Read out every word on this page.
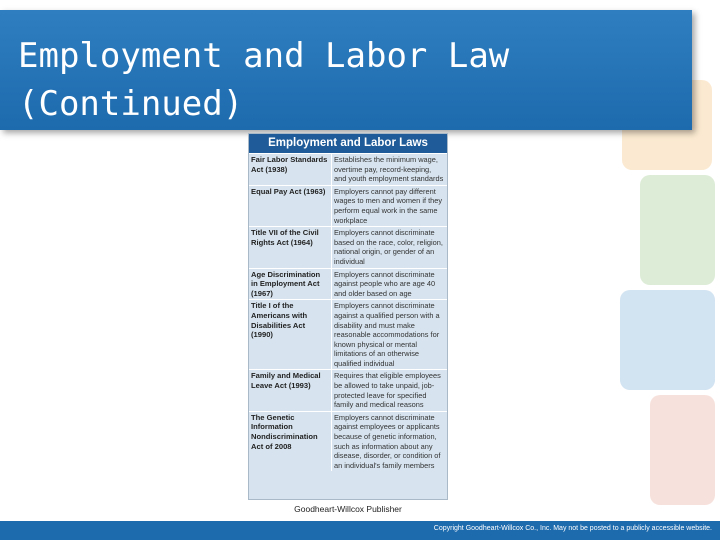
Employment and Labor Law
(Continued)
Employment and Labor Laws
Fair Labor Standards Act (1938)
Establishes the minimum wage, overtime pay, record-keeping, and youth employment standards
Equal Pay Act (1963)	Employers cannot pay different wages to men and women if they perform equal work in the same workplace
Title VII of the Civil Rights Act (1964)
Employers cannot discriminate based on the race, color, religion, national origin, or gender of an individual
Age Discrimination in Employment Act (1967)
Employers cannot discriminate against people who are age 40 and older based on age
Title I of the Americans with Disabilities Act (1990)
Employers cannot discriminate against a qualified person with a disability and must make reasonable accommodations for known physical or mental limitations of an otherwise qualified individual
Family and Medical Leave Act (1993)
Requires that eligible employees be allowed to take unpaid, job-protected leave for specified family and medical reasons
The Genetic Information Nondiscrimination Act of 2008
Employers cannot discriminate against employees or applicants because of genetic information, such as information about any disease, disorder, or condition of an individual's family members
Goodheart-Willcox Publisher
Copyright Goodheart-Willcox Co., Inc. May not be posted to a publicly accessible website.
